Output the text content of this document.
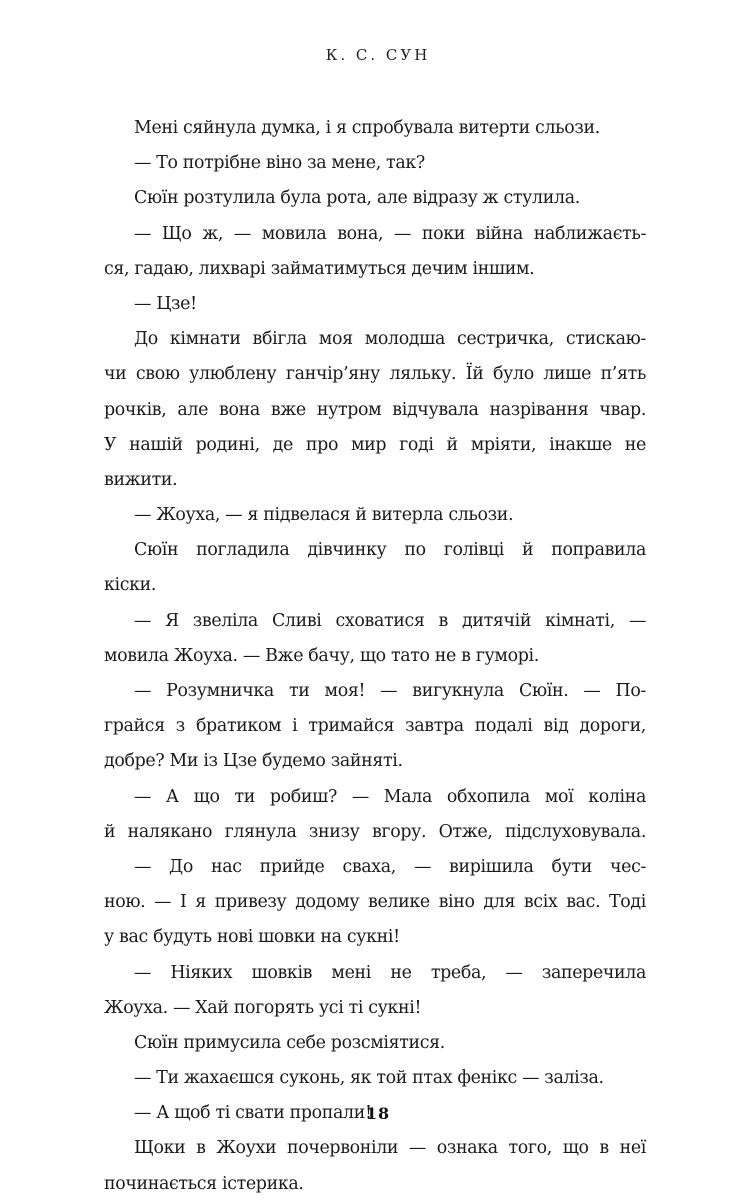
К. С. СУН
Мені сяйнула думка, і я спробувала витерти сльози.
— То потрібне віно за мене, так?
Сюїн розтулила була рота, але відразу ж стулила.
— Що ж, — мовила вона, — поки війна наближаєть-
ся, гадаю, лихварі займатимуться дечим іншим.
— Цзе!
До кімнати вбігла моя молодша сестричка, стискаю-
чи свою улюблену ганчір’яну ляльку. Їй було лише п’ять
рочків, але вона вже нутром відчувала назрівання чвар.
У нашій родині, де про мир годі й мріяти, інакше не
вижити.
— Жоуха, — я підвелася й витерла сльози.
Сюїн погладила дівчинку по голівці й поправила
кіски.
— Я звеліла Сливі сховатися в дитячій кімнаті, —
мовила Жоуха. — Вже бачу, що тато не в гуморі.
— Розумничка ти моя! — вигукнула Сюїн. — По-
грайся з братиком і тримайся завтра подалі від дороги,
добре? Ми із Цзе будемо зайняті.
— А що ти робиш? — Мала обхопила мої коліна
й налякано глянула знизу вгору. Отже, підслуховувала.
— До нас прийде сваха, — вирішила бути чес-
ною. — І я привезу додому велике віно для всіх вас. Тоді
у вас будуть нові шовки на сукні!
— Ніяких шовків мені не треба, — заперечила
Жоуха. — Хай погорять усі ті сукні!
Сюїн примусила себе розсміятися.
— Ти жахаєшся суконь, як той птах фенікс — заліза.
— А щоб ті свати пропали!
Щоки в Жоухи почервоніли — ознака того, що в неї
починається істерика.
18
